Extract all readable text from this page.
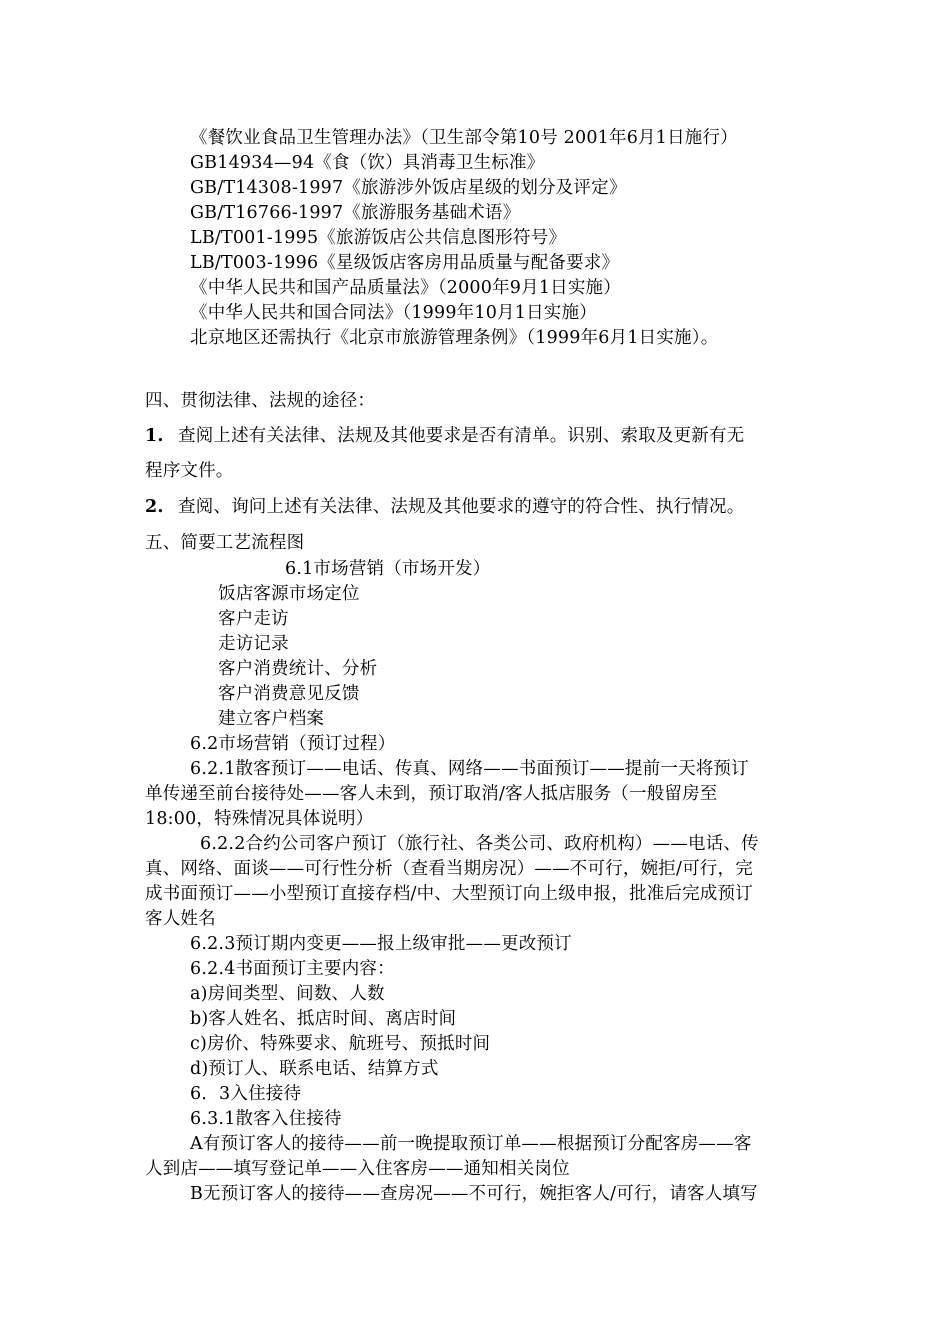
《餐饮业食品卫生管理办法》（卫生部令第10号 2001年6月1日施行）
GB14934—94《食（饮）具消毒卫生标准》
GB/T14308-1997《旅游涉外饭店星级的划分及评定》
GB/T16766-1997《旅游服务基础术语》
LB/T001-1995《旅游饭店公共信息图形符号》
LB/T003-1996《星级饭店客房用品质量与配备要求》
《中华人民共和国产品质量法》（2000年9月1日实施）
《中华人民共和国合同法》（1999年10月1日实施）
北京地区还需执行《北京市旅游管理条例》（1999年6月1日实施）。
四、贯彻法律、法规的途径：
1. 查阅上述有关法律、法规及其他要求是否有清单。识别、索取及更新有无
程序文件。
2. 查阅、询问上述有关法律、法规及其他要求的遵守的符合性、执行情况。
五、简要工艺流程图
6.1市场营销（市场开发）
饭店客源市场定位
客户走访
走访记录
客户消费统计、分析
客户消费意见反馈
建立客户档案
6.2市场营销（预订过程）
6.2.1散客预订——电话、传真、网络——书面预订——提前一天将预订
单传递至前台接待处——客人未到，预订取消/客人抵店服务（一般留房至
18:00，特殊情况具体说明）
6.2.2合约公司客户预订（旅行社、各类公司、政府机构）——电话、传
真、网络、面谈——可行性分析（查看当期房况）——不可行，婉拒/可行，完
成书面预订——小型预订直接存档/中、大型预订向上级申报，批准后完成预订
客人姓名
6.2.3预订期内变更——报上级审批——更改预订
6.2.4书面预订主要内容：
a)房间类型、间数、人数
b)客人姓名、抵店时间、离店时间
c)房价、特殊要求、航班号、预抵时间
d)预订人、联系电话、结算方式
6．3入住接待
6.3.1散客入住接待
A有预订客人的接待——前一晚提取预订单——根据预订分配客房——客
人到店——填写登记单——入住客房——通知相关岗位
B无预订客人的接待——查房况——不可行，婉拒客人/可行，请客人填写
